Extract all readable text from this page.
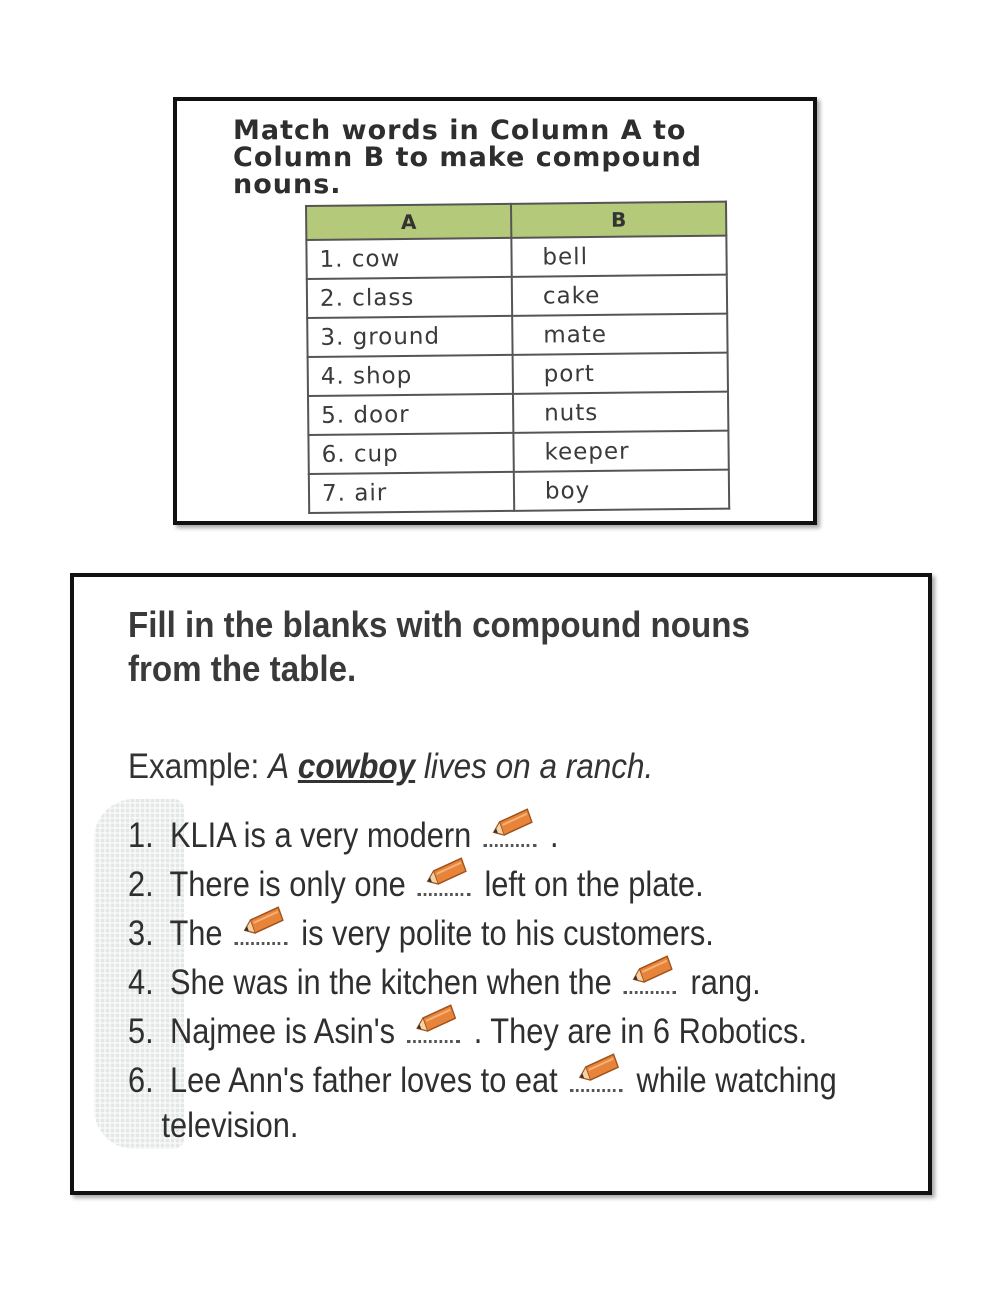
Match words in Column A to Column B to make compound nouns.

A	B
1. cow	bell
2. class	cake
3. ground	mate
4. shop	port
5. door	nuts
6. cup	keeper
7. air	boy

Fill in the blanks with compound nouns from the table.

Example: A cowboy lives on a ranch.

1. KLIA is a very modern .
2. There is only one left on the plate.
3. The is very polite to his customers.
4. She was in the kitchen when the rang.
5. Najmee is Asin's . They are in 6 Robotics.
6. Lee Ann's father loves to eat while watching
television.
